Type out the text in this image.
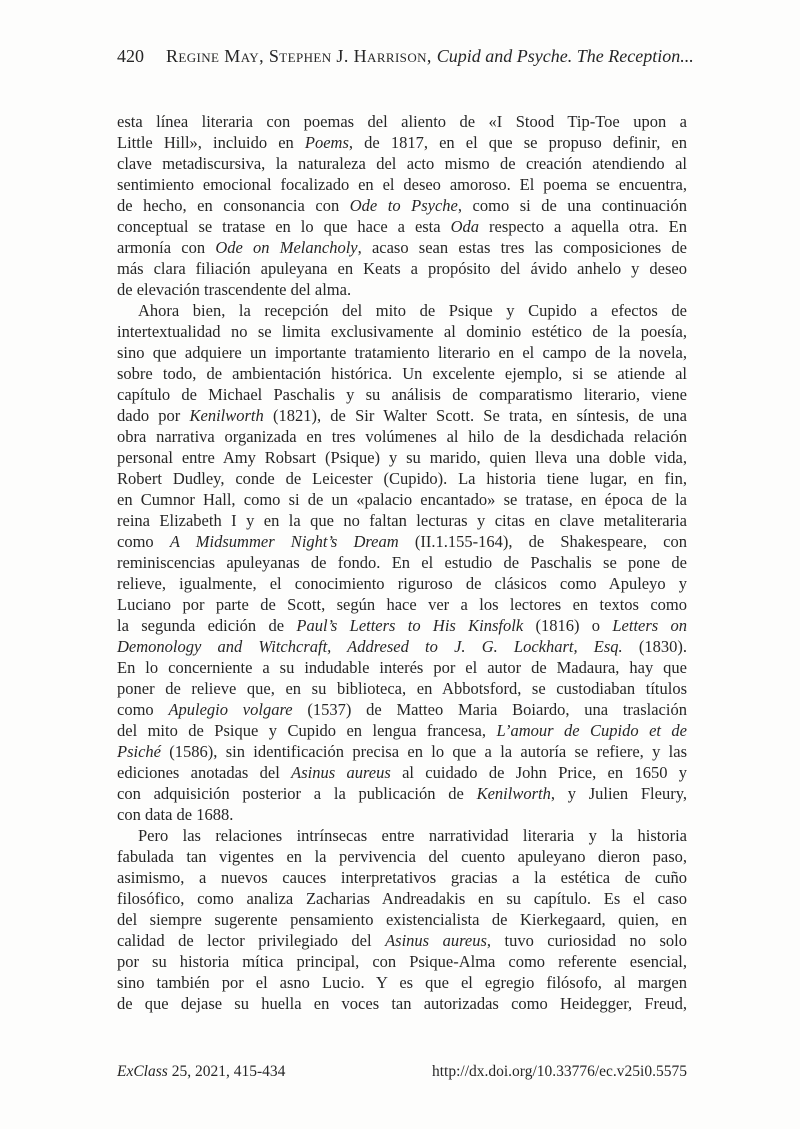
420 Regine May, Stephen J. Harrison, Cupid and Psyche. The Reception...
esta línea literaria con poemas del aliento de «I Stood Tip-Toe upon a
Little Hill», incluido en Poems, de 1817, en el que se propuso definir, en
clave metadiscursiva, la naturaleza del acto mismo de creación atendiendo al
sentimiento emocional focalizado en el deseo amoroso. El poema se encuentra,
de hecho, en consonancia con Ode to Psyche, como si de una continuación
conceptual se tratase en lo que hace a esta Oda respecto a aquella otra. En
armonía con Ode on Melancholy, acaso sean estas tres las composiciones de
más clara filiación apuleyana en Keats a propósito del ávido anhelo y deseo
de elevación trascendente del alma.
Ahora bien, la recepción del mito de Psique y Cupido a efectos de
intertextualidad no se limita exclusivamente al dominio estético de la poesía,
sino que adquiere un importante tratamiento literario en el campo de la novela,
sobre todo, de ambientación histórica. Un excelente ejemplo, si se atiende al
capítulo de Michael Paschalis y su análisis de comparatismo literario, viene
dado por Kenilworth (1821), de Sir Walter Scott. Se trata, en síntesis, de una
obra narrativa organizada en tres volúmenes al hilo de la desdichada relación
personal entre Amy Robsart (Psique) y su marido, quien lleva una doble vida,
Robert Dudley, conde de Leicester (Cupido). La historia tiene lugar, en fin,
en Cumnor Hall, como si de un «palacio encantado» se tratase, en época de la
reina Elizabeth I y en la que no faltan lecturas y citas en clave metaliteraria
como A Midsummer Night’s Dream (II.1.155-164), de Shakespeare, con
reminiscencias apuleyanas de fondo. En el estudio de Paschalis se pone de
relieve, igualmente, el conocimiento riguroso de clásicos como Apuleyo y
Luciano por parte de Scott, según hace ver a los lectores en textos como
la segunda edición de Paul’s Letters to His Kinsfolk (1816) o Letters on
Demonology and Witchcraft, Addresed to J. G. Lockhart, Esq. (1830).
En lo concerniente a su indudable interés por el autor de Madaura, hay que
poner de relieve que, en su biblioteca, en Abbotsford, se custodiaban títulos
como Apulegio volgare (1537) de Matteo Maria Boiardo, una traslación
del mito de Psique y Cupido en lengua francesa, L’amour de Cupido et de
Psiché (1586), sin identificación precisa en lo que a la autoría se refiere, y las
ediciones anotadas del Asinus aureus al cuidado de John Price, en 1650 y
con adquisición posterior a la publicación de Kenilworth, y Julien Fleury,
con data de 1688.
Pero las relaciones intrínsecas entre narratividad literaria y la historia
fabulada tan vigentes en la pervivencia del cuento apuleyano dieron paso,
asimismo, a nuevos cauces interpretativos gracias a la estética de cuño
filosófico, como analiza Zacharias Andreadakis en su capítulo. Es el caso
del siempre sugerente pensamiento existencialista de Kierkegaard, quien, en
calidad de lector privilegiado del Asinus aureus, tuvo curiosidad no solo
por su historia mítica principal, con Psique-Alma como referente esencial,
sino también por el asno Lucio. Y es que el egregio filósofo, al margen
de que dejase su huella en voces tan autorizadas como Heidegger, Freud,
ExClass 25, 2021, 415-434	http://dx.doi.org/10.33776/ec.v25i0.5575
